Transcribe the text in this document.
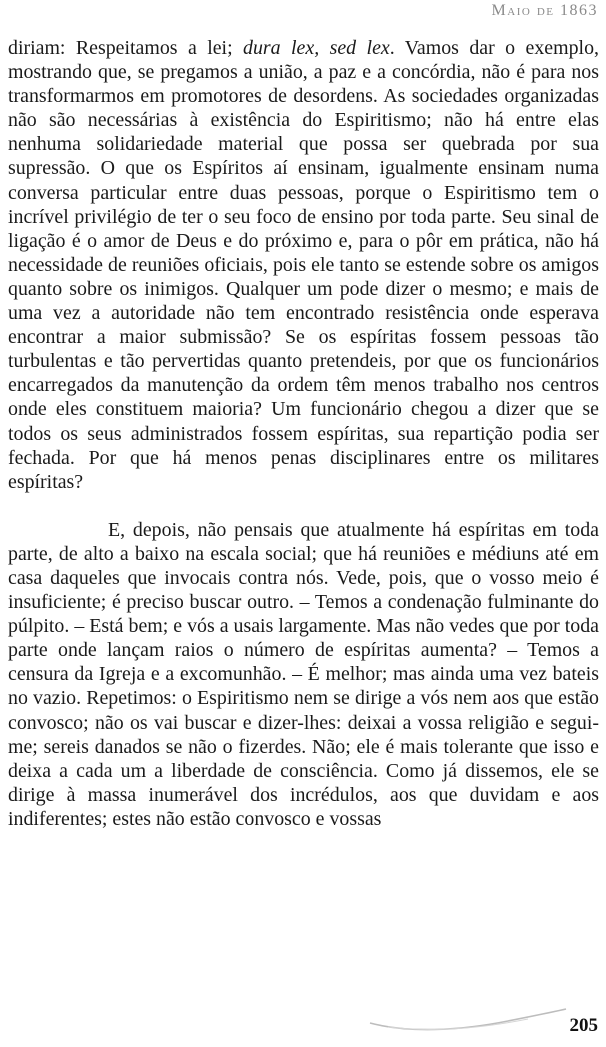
Maio de 1863

diriam: Respeitamos a lei; dura lex, sed lex. Vamos dar o exemplo, mostrando que, se pregamos a união, a paz e a concórdia, não é para nos transformarmos em promotores de desordens. As sociedades organizadas não são necessárias à existência do Espiritismo; não há entre elas nenhuma solidariedade material que possa ser quebrada por sua supressão. O que os Espíritos aí ensinam, igualmente ensinam numa conversa particular entre duas pessoas, porque o Espiritismo tem o incrível privilégio de ter o seu foco de ensino por toda parte. Seu sinal de ligação é o amor de Deus e do próximo e, para o pôr em prática, não há necessidade de reuniões oficiais, pois ele tanto se estende sobre os amigos quanto sobre os inimigos. Qualquer um pode dizer o mesmo; e mais de uma vez a autoridade não tem encontrado resistência onde esperava encontrar a maior submissão? Se os espíritas fossem pessoas tão turbulentas e tão pervertidas quanto pretendeis, por que os funcionários encarregados da manutenção da ordem têm menos trabalho nos centros onde eles constituem maioria? Um funcionário chegou a dizer que se todos os seus administrados fossem espíritas, sua repartição podia ser fechada. Por que há menos penas disciplinares entre os militares espíritas?

E, depois, não pensais que atualmente há espíritas em toda parte, de alto a baixo na escala social; que há reuniões e médiuns até em casa daqueles que invocais contra nós. Vede, pois, que o vosso meio é insuficiente; é preciso buscar outro. – Temos a condenação fulminante do púlpito. – Está bem; e vós a usais largamente. Mas não vedes que por toda parte onde lançam raios o número de espíritas aumenta? – Temos a censura da Igreja e a excomunhão. – É melhor; mas ainda uma vez bateis no vazio. Repetimos: o Espiritismo nem se dirige a vós nem aos que estão convosco; não os vai buscar e dizer-lhes: deixai a vossa religião e segui-me; sereis danados se não o fizerdes. Não; ele é mais tolerante que isso e deixa a cada um a liberdade de consciência. Como já dissemos, ele se dirige à massa inumerável dos incrédulos, aos que duvidam e aos indiferentes; estes não estão convosco e vossas

205
